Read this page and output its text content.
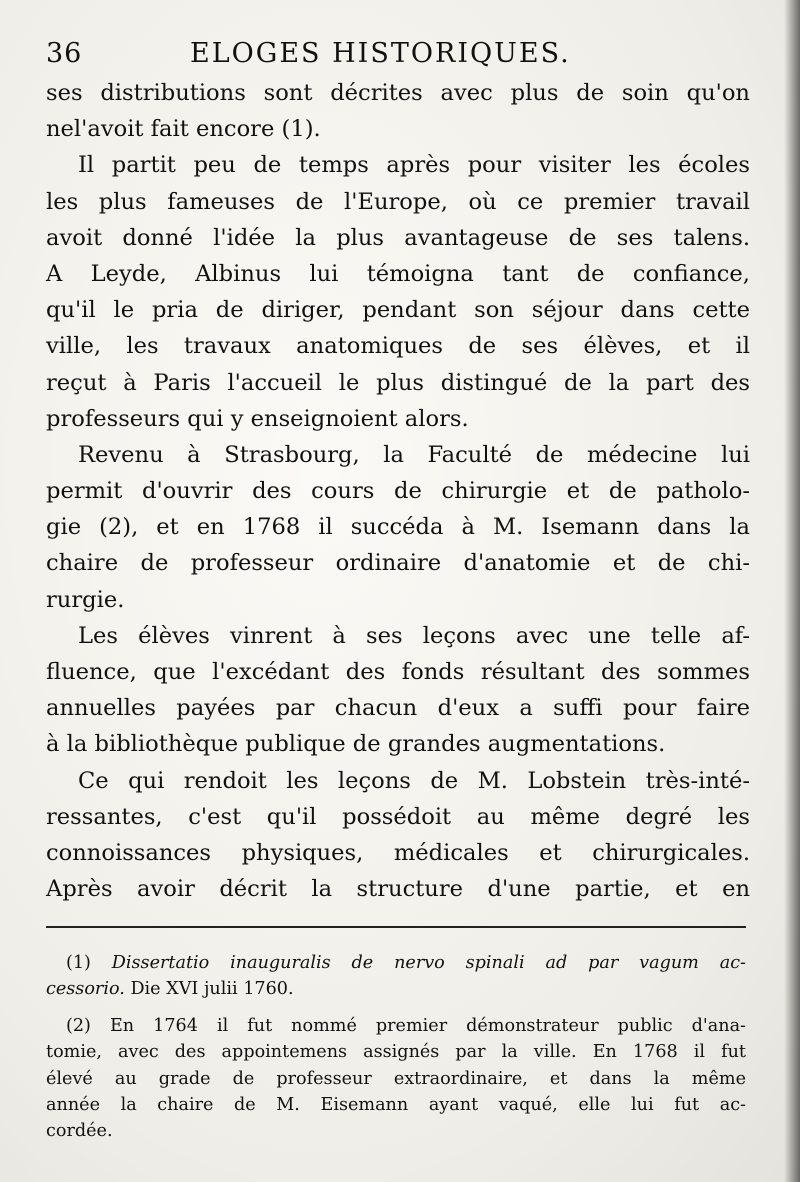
36	ELOGES HISTORIQUES.
ses distributions sont décrites avec plus de soin qu'on
nel'avoit fait encore (1).
Il partit peu de temps après pour visiter les écoles
les plus fameuses de l'Europe, où ce premier travail
avoit donné l'idée la plus avantageuse de ses talens.
A Leyde, Albinus lui témoigna tant de confiance,
qu'il le pria de diriger, pendant son séjour dans cette
ville, les travaux anatomiques de ses élèves, et il
reçut à Paris l'accueil le plus distingué de la part des
professeurs qui y enseignoient alors.
Revenu à Strasbourg, la Faculté de médecine lui
permit d'ouvrir des cours de chirurgie et de patholo-
gie (2), et en 1768 il succéda à M. Isemann dans la
chaire de professeur ordinaire d'anatomie et de chi-
rurgie.
Les élèves vinrent à ses leçons avec une telle af-
fluence, que l'excédant des fonds résultant des sommes
annuelles payées par chacun d'eux a suffi pour faire
à la bibliothèque publique de grandes augmentations.
Ce qui rendoit les leçons de M. Lobstein très-inté-
ressantes, c'est qu'il possédoit au même degré les
connoissances physiques, médicales et chirurgicales.
Après avoir décrit la structure d'une partie, et en
(1) Dissertatio inauguralis de nervo spinali ad par vagum ac-
cessorio. Die XVI julii 1760.
(2) En 1764 il fut nommé premier démonstrateur public d'ana-
tomie, avec des appointemens assignés par la ville. En 1768 il fut
élevé au grade de professeur extraordinaire, et dans la même
année la chaire de M. Eisemann ayant vaqué, elle lui fut ac-
cordée.
